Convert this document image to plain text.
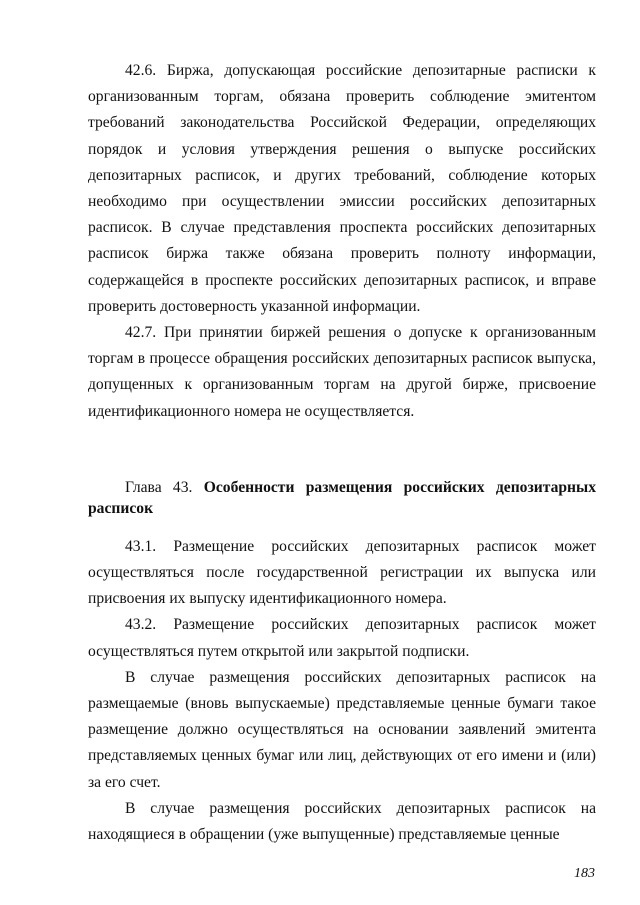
42.6. Биржа, допускающая российские депозитарные расписки к организованным торгам, обязана проверить соблюдение эмитентом требований законодательства Российской Федерации, определяющих порядок и условия утверждения решения о выпуске российских депозитарных расписок, и других требований, соблюдение которых необходимо при осуществлении эмиссии российских депозитарных расписок. В случае представления проспекта российских депозитарных расписок биржа также обязана проверить полноту информации, содержащейся в проспекте российских депозитарных расписок, и вправе проверить достоверность указанной информации.

42.7. При принятии биржей решения о допуске к организованным торгам в процессе обращения российских депозитарных расписок выпуска, допущенных к организованным торгам на другой бирже, присвоение идентификационного номера не осуществляется.

Глава 43. Особенности размещения российских депозитарных расписок

43.1. Размещение российских депозитарных расписок может осуществляться после государственной регистрации их выпуска или присвоения их выпуску идентификационного номера.

43.2. Размещение российских депозитарных расписок может осуществляться путем открытой или закрытой подписки.

В случае размещения российских депозитарных расписок на размещаемые (вновь выпускаемые) представляемые ценные бумаги такое размещение должно осуществляться на основании заявлений эмитента представляемых ценных бумаг или лиц, действующих от его имени и (или) за его счет.

В случае размещения российских депозитарных расписок на находящиеся в обращении (уже выпущенные) представляемые ценные

183
